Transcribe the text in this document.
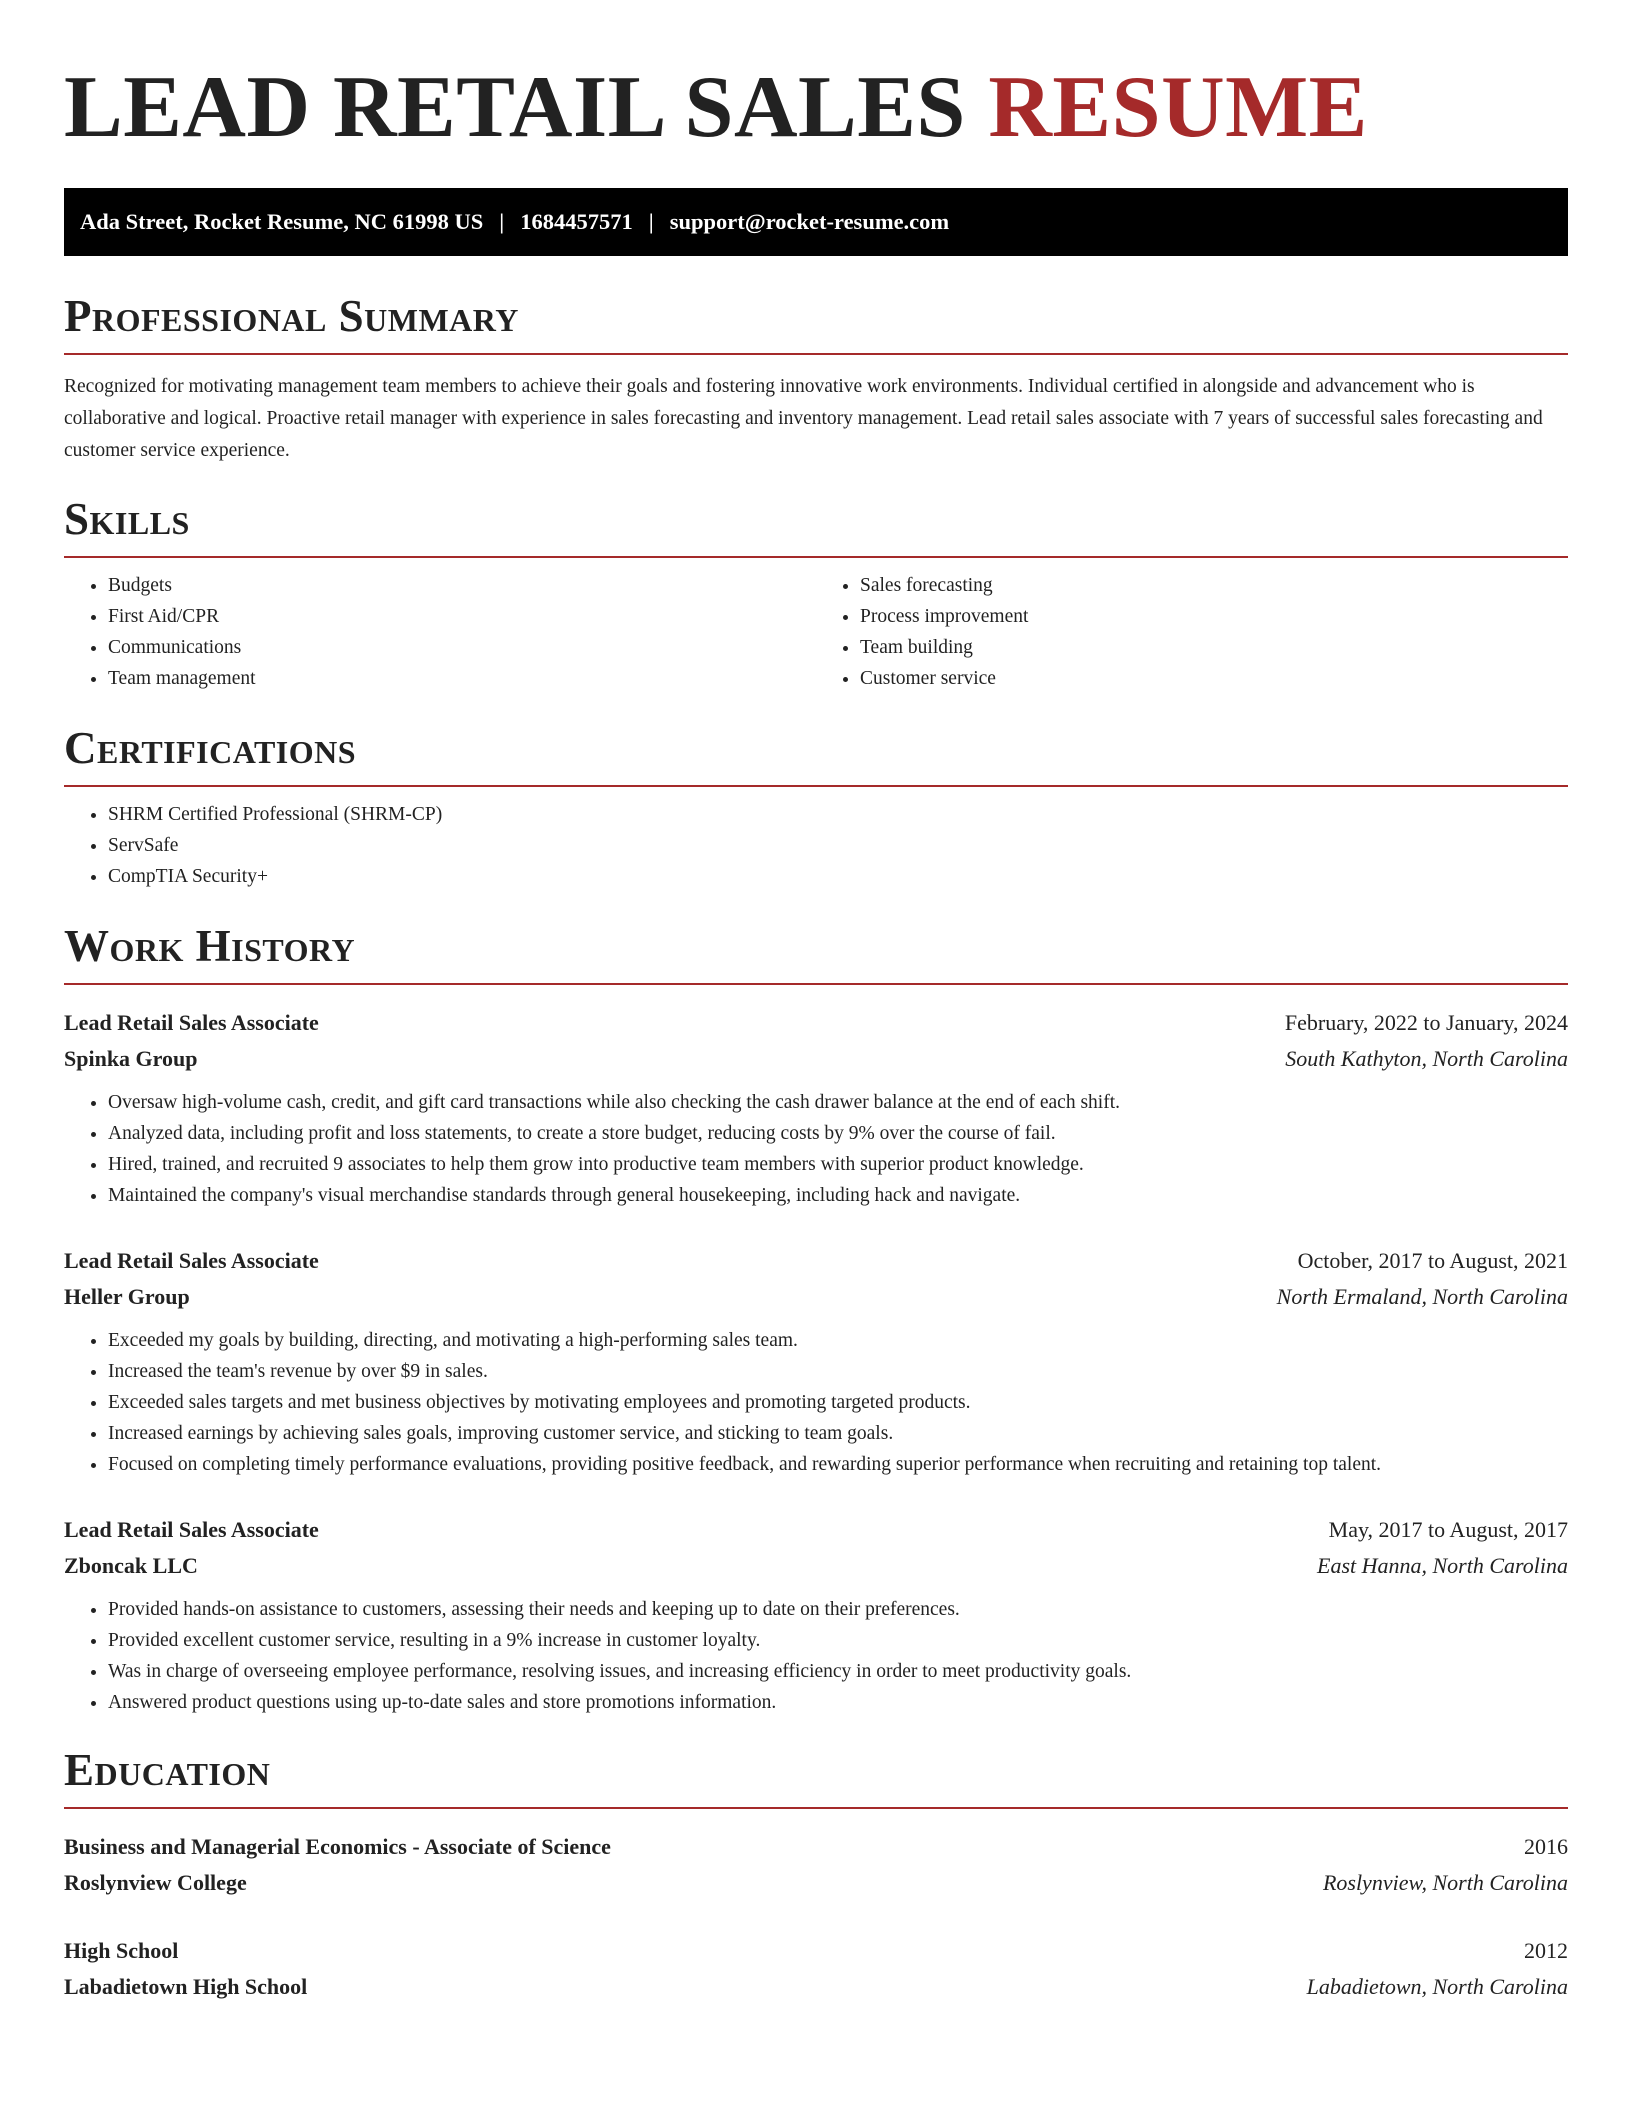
LEAD RETAIL SALES RESUME
Ada Street, Rocket Resume, NC 61998 US | 1684457571 | support@rocket-resume.com
Professional Summary

Recognized for motivating management team members to achieve their goals and fostering innovative work environments. Individual certified in alongside and advancement who is collaborative and logical. Proactive retail manager with experience in sales forecasting and inventory management. Lead retail sales associate with 7 years of successful sales forecasting and customer service experience.

Skills
• Budgets
• First Aid/CPR
• Communications
• Team management
• Sales forecasting
• Process improvement
• Team building
• Customer service
Certifications
• SHRM Certified Professional (SHRM-CP)
• ServSafe
• CompTIA Security+
Work History
Lead Retail Sales Associate	February, 2022 to January, 2024
Spinka Group	South Kathyton, North Carolina
• Oversaw high-volume cash, credit, and gift card transactions while also checking the cash drawer balance at the end of each shift.
• Analyzed data, including profit and loss statements, to create a store budget, reducing costs by 9% over the course of fail.
• Hired, trained, and recruited 9 associates to help them grow into productive team members with superior product knowledge.
• Maintained the company's visual merchandise standards through general housekeeping, including hack and navigate.
Lead Retail Sales Associate	October, 2017 to August, 2021
Heller Group	North Ermaland, North Carolina
• Exceeded my goals by building, directing, and motivating a high-performing sales team.
• Increased the team's revenue by over $9 in sales.
• Exceeded sales targets and met business objectives by motivating employees and promoting targeted products.
• Increased earnings by achieving sales goals, improving customer service, and sticking to team goals.
• Focused on completing timely performance evaluations, providing positive feedback, and rewarding superior performance when recruiting and retaining top talent.
Lead Retail Sales Associate	May, 2017 to August, 2017
Zboncak LLC	East Hanna, North Carolina
• Provided hands-on assistance to customers, assessing their needs and keeping up to date on their preferences.
• Provided excellent customer service, resulting in a 9% increase in customer loyalty.
• Was in charge of overseeing employee performance, resolving issues, and increasing efficiency in order to meet productivity goals.
• Answered product questions using up-to-date sales and store promotions information.
Education
Business and Managerial Economics - Associate of Science	2016
Roslynview College	Roslynview, North Carolina
High School	2012
Labadietown High School	Labadietown, North Carolina
